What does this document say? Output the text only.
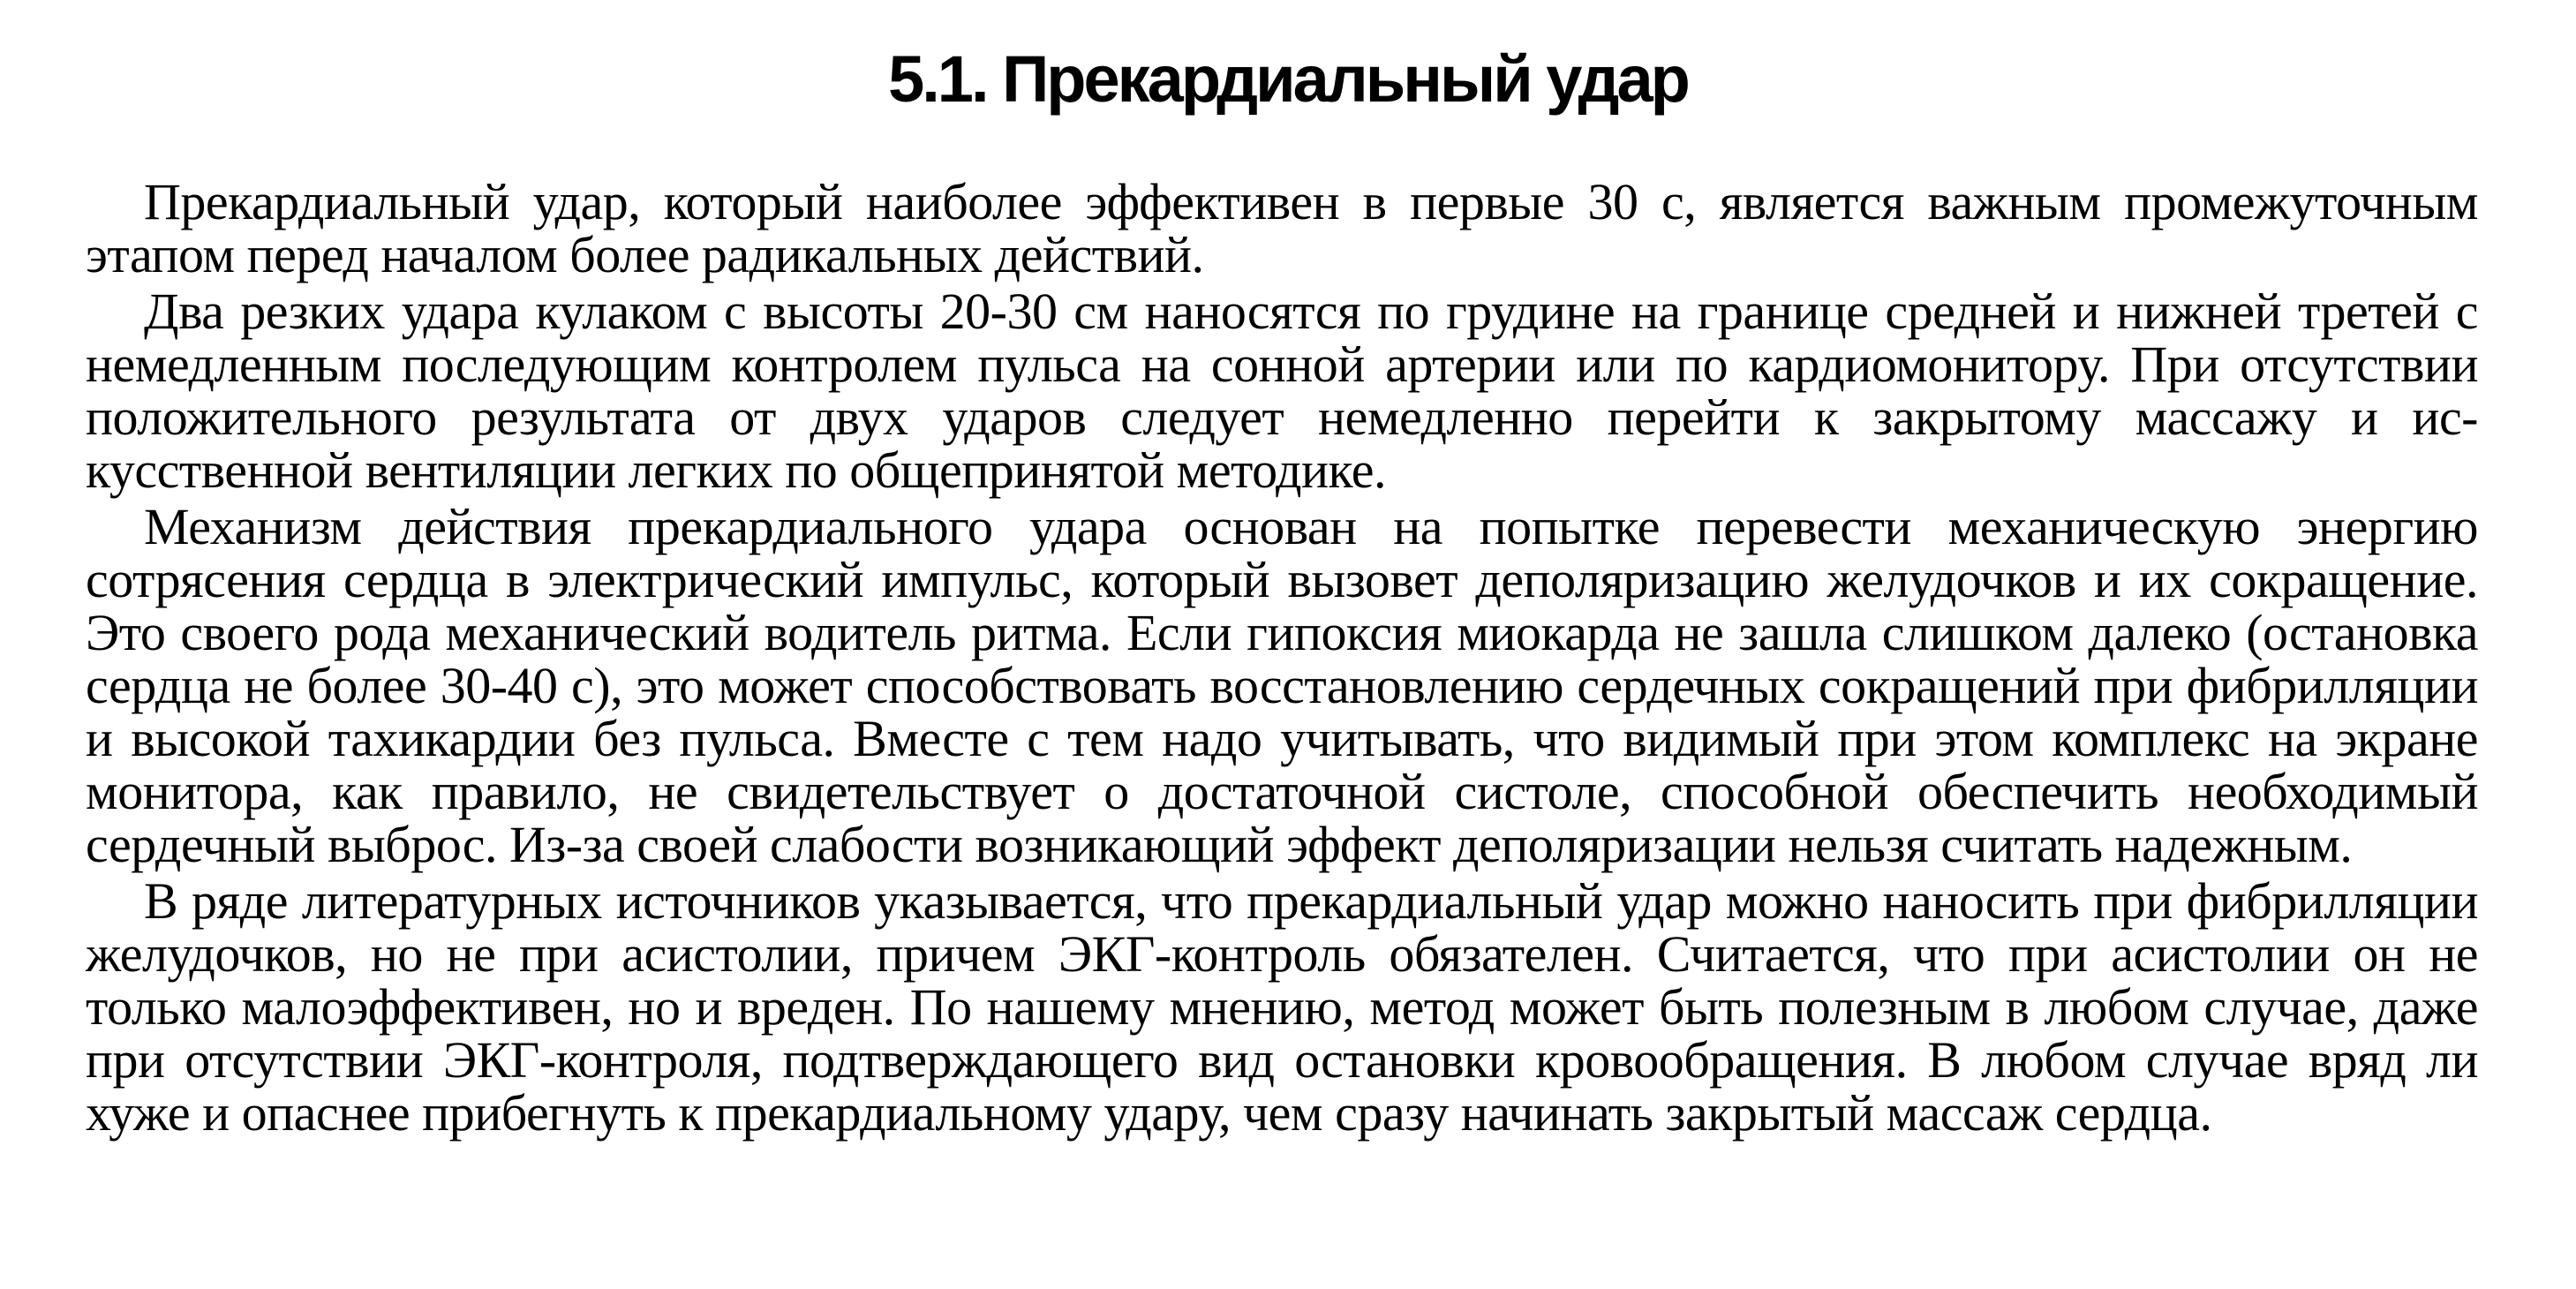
5.1. Прекардиальный удар

Прекардиальный удар, который наиболее эффективен в первые 30 с, является важным промежуточным этапом перед началом более радикальных действий.

Два резких удара кулаком с высоты 20-30 см наносятся по грудине на границе средней и нижней третей с немедленным последующим контролем пульса на сонной артерии или по кардиомонитору. При отсутствии положительного результата от двух ударов следует немедленно перейти к закрытому массажу и ис-кусственной вентиляции легких по общепринятой методике.

Механизм действия прекардиального удара основан на попытке перевести механическую энергию сотрясения сердца в электрический импульс, который вызовет деполяризацию желудочков и их сокращение. Это своего рода механический водитель ритма. Если гипоксия миокарда не зашла слишком далеко (остановка сердца не более 30-40 с), это может способствовать восстановлению сердечных сокращений при фибрилляции и высокой тахикардии без пульса. Вместе с тем надо учитывать, что видимый при этом комплекс на экране монитора, как правило, не свидетельствует о достаточной систоле, способной обеспечить необходимый сердечный выброс. Из-за своей слабости возникающий эффект деполяризации нельзя считать надежным.

В ряде литературных источников указывается, что прекардиальный удар можно наносить при фибрилляции желудочков, но не при асистолии, причем ЭКГ-контроль обязателен. Считается, что при асистолии он не только малоэффективен, но и вреден. По нашему мнению, метод может быть полезным в любом случае, даже при отсутствии ЭКГ-контроля, подтверждающего вид остановки кровообращения. В любом случае вряд ли хуже и опаснее прибегнуть к прекардиальному удару, чем сразу начинать закрытый массаж сердца.
